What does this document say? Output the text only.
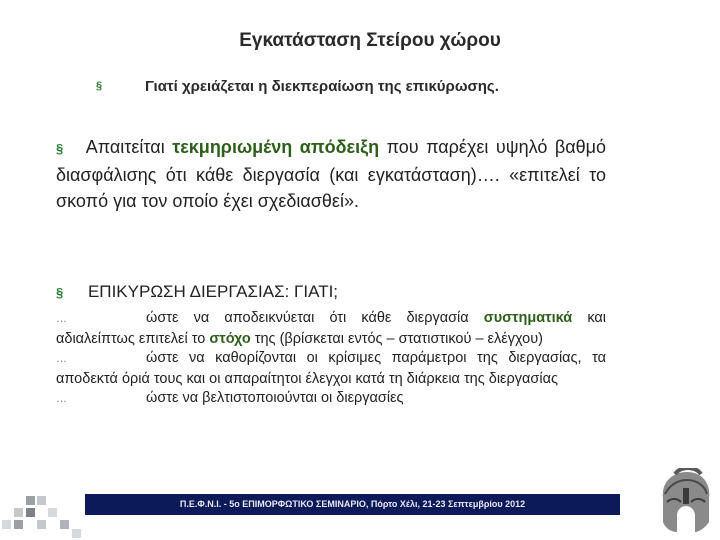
Εγκατάσταση Στείρου χώρου
§	Γιατί χρειάζεται η διεκπεραίωση της επικύρωσης.

§ Απαιτείται τεκμηριωμένη απόδειξη που παρέχει υψηλό βαθμό διασφάλισης ότι κάθε διεργασία (και εγκατάσταση)…. «επιτελεί το σκοπό για τον οποίο έχει σχεδιασθεί».

§ ΕΠΙΚΥΡΩΣΗ ΔΙΕΡΓΑΣΙΑΣ: ΓΙΑΤΙ;

…	ώστε να αποδεικνύεται ότι κάθε διεργασία συστηματικά και αδιαλείπτως επιτελεί το στόχο της (βρίσκεται εντός – στατιστικού – ελέγχου)
…	ώστε να καθορίζονται οι κρίσιμες παράμετροι της διεργασίας, τα αποδεκτά όριά τους και οι απαραίτητοι έλεγχοι κατά τη διάρκεια της διεργασίας
…	ώστε να βελτιστοποιούνται οι διεργασίες

Π.Ε.Φ.Ν.Ι. - 5ο ΕΠΙΜΟΡΦΩΤΙΚΟ ΣΕΜΙΝΑΡΙΟ, Πόρτο Χέλι, 21-23 Σεπτεμβρίου 2012
